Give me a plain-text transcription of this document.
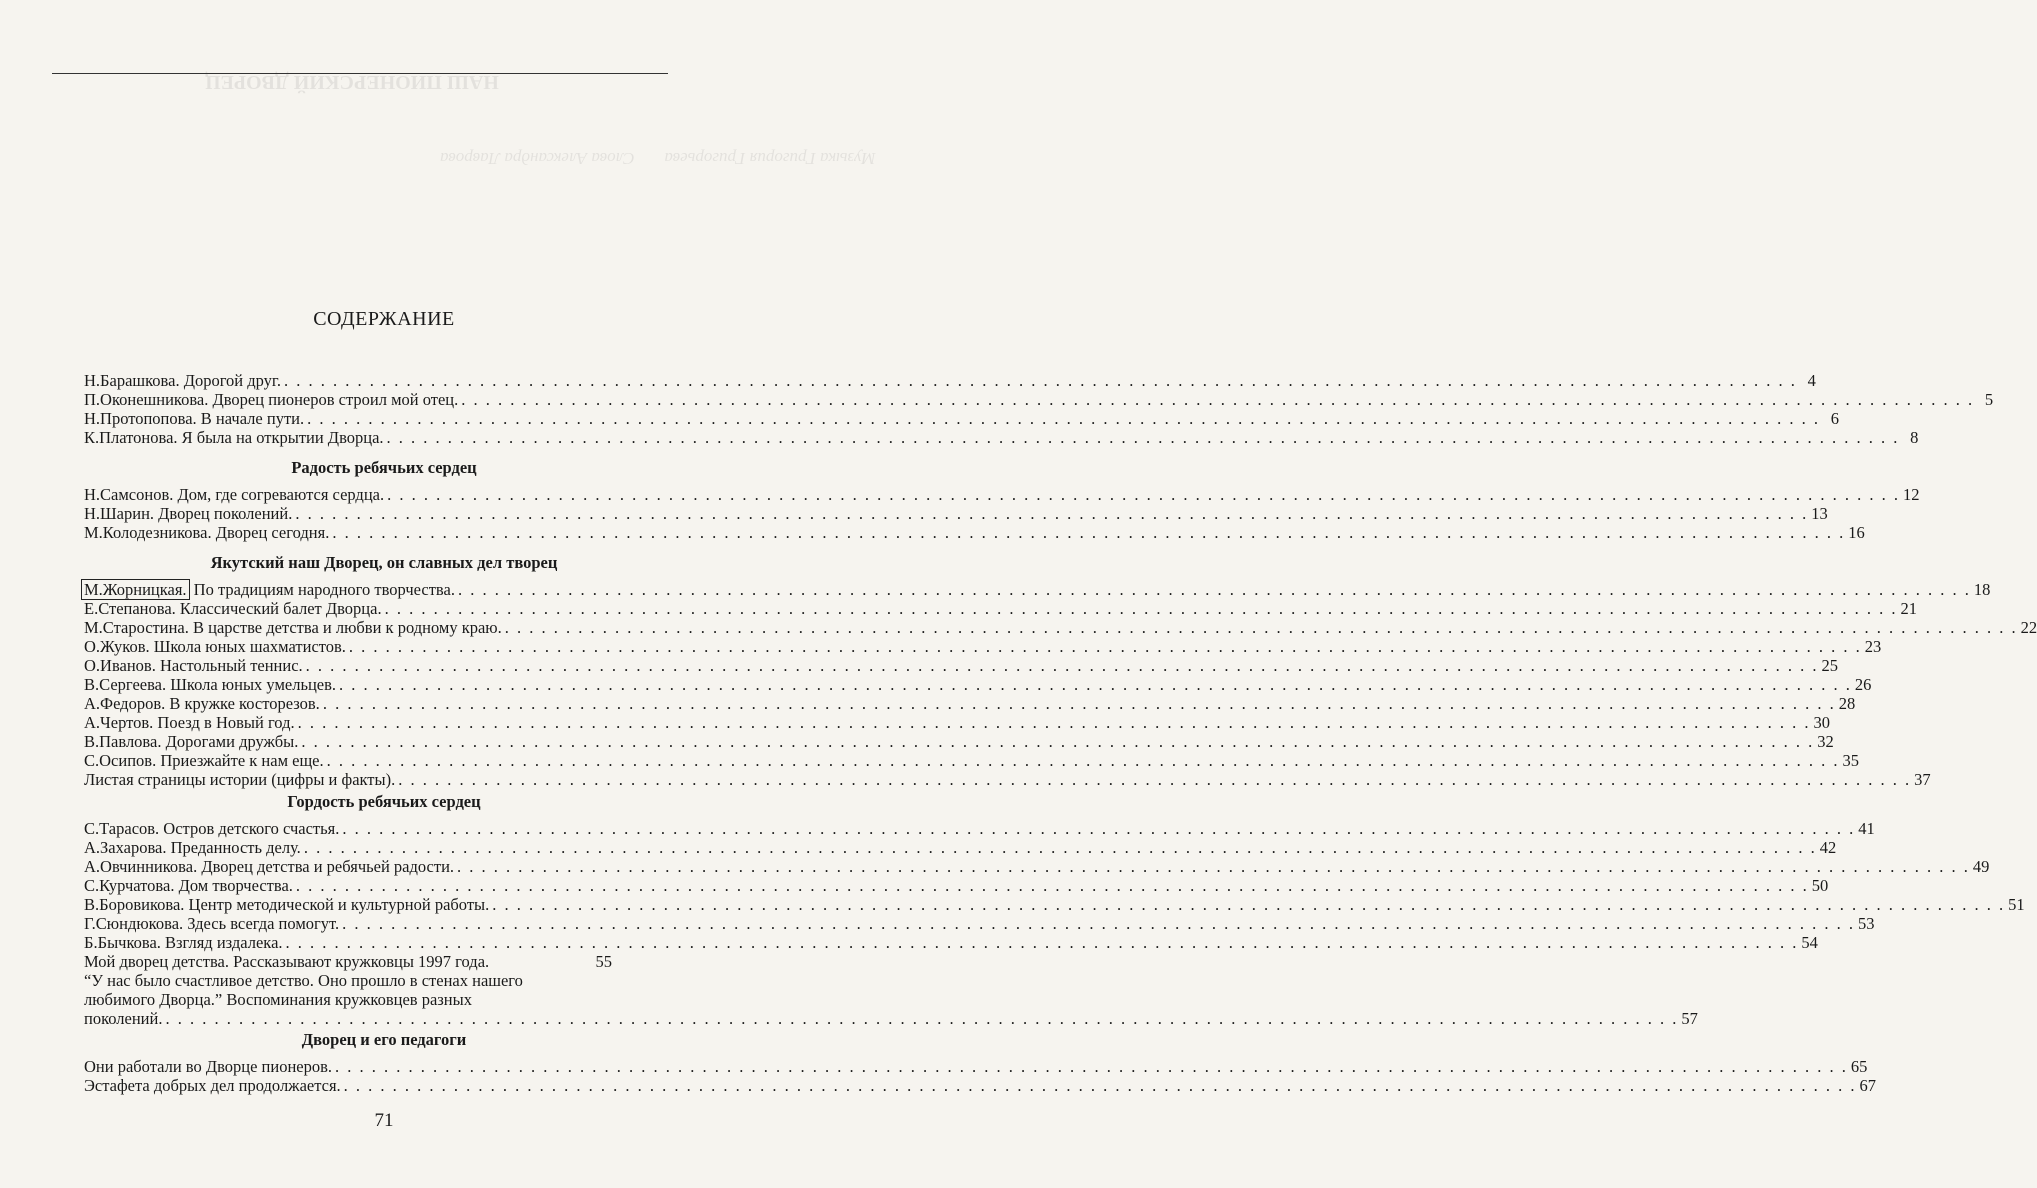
НАШ ПИОНЕРСКИЙ ДВОРЕЦ
Музыка Григория Григорьева       Слова Александра Лаврова
СОДЕРЖАНИЕ
Н.Барашкова. Дорогой друг. . . .	4
П.Оконешникова. Дворец пионеров строил мой отец. . . .	5
Н.Протопопова. В начале пути. . . .	6
К.Платонова. Я была на открытии Дворца. . . .	8
Радость ребячьих сердец
Н.Самсонов. Дом, где согреваются сердца. . . .	12
Н.Шарин. Дворец поколений. . . .	13
М.Колодезникова. Дворец сегодня. . . .	16
Якутский наш Дворец, он славных дел творец
М.Жорницкая. По традициям народного творчества. . . .	18
Е.Степанова. Классический балет Дворца. . . .	21
М.Старостина. В царстве детства и любви к родному краю. . . .	22
О.Жуков. Школа юных шахматистов. . . .	23
О.Иванов. Настольный теннис. . . .	25
В.Сергеева. Школа юных умельцев. . . .	26
А.Федоров. В кружке косторезов. . . .	28
А.Чертов. Поезд в Новый год. . . .	30
В.Павлова. Дорогами дружбы. . . .	32
С.Осипов. Приезжайте к нам еще. . . .	35
Листая страницы истории (цифры и факты). . . .	37
Гордость ребячьих сердец
С.Тарасов. Остров детского счастья. . . .	41
А.Захарова. Преданность делу. . . .	42
А.Овчинникова. Дворец детства и ребячьей радости. . . .	49
С.Курчатова. Дом творчества. . . .	50
В.Боровикова. Центр методической и культурной работы. . . .	51
Г.Сюндюкова. Здесь всегда помогут. . . .	53
Б.Бычкова. Взгляд издалека. . . .	54
Мой дворец детства. Рассказывают кружковцы 1997 года.	55
“У нас было счастливое детство. Оно прошло в стенах нашего
любимого Дворца.” Воспоминания кружковцев разных
поколений. . . .	57
Дворец и его педагоги
Они работали во Дворце пионеров. . . .	65
Эстафета добрых дел продолжается. . . .	67
71
